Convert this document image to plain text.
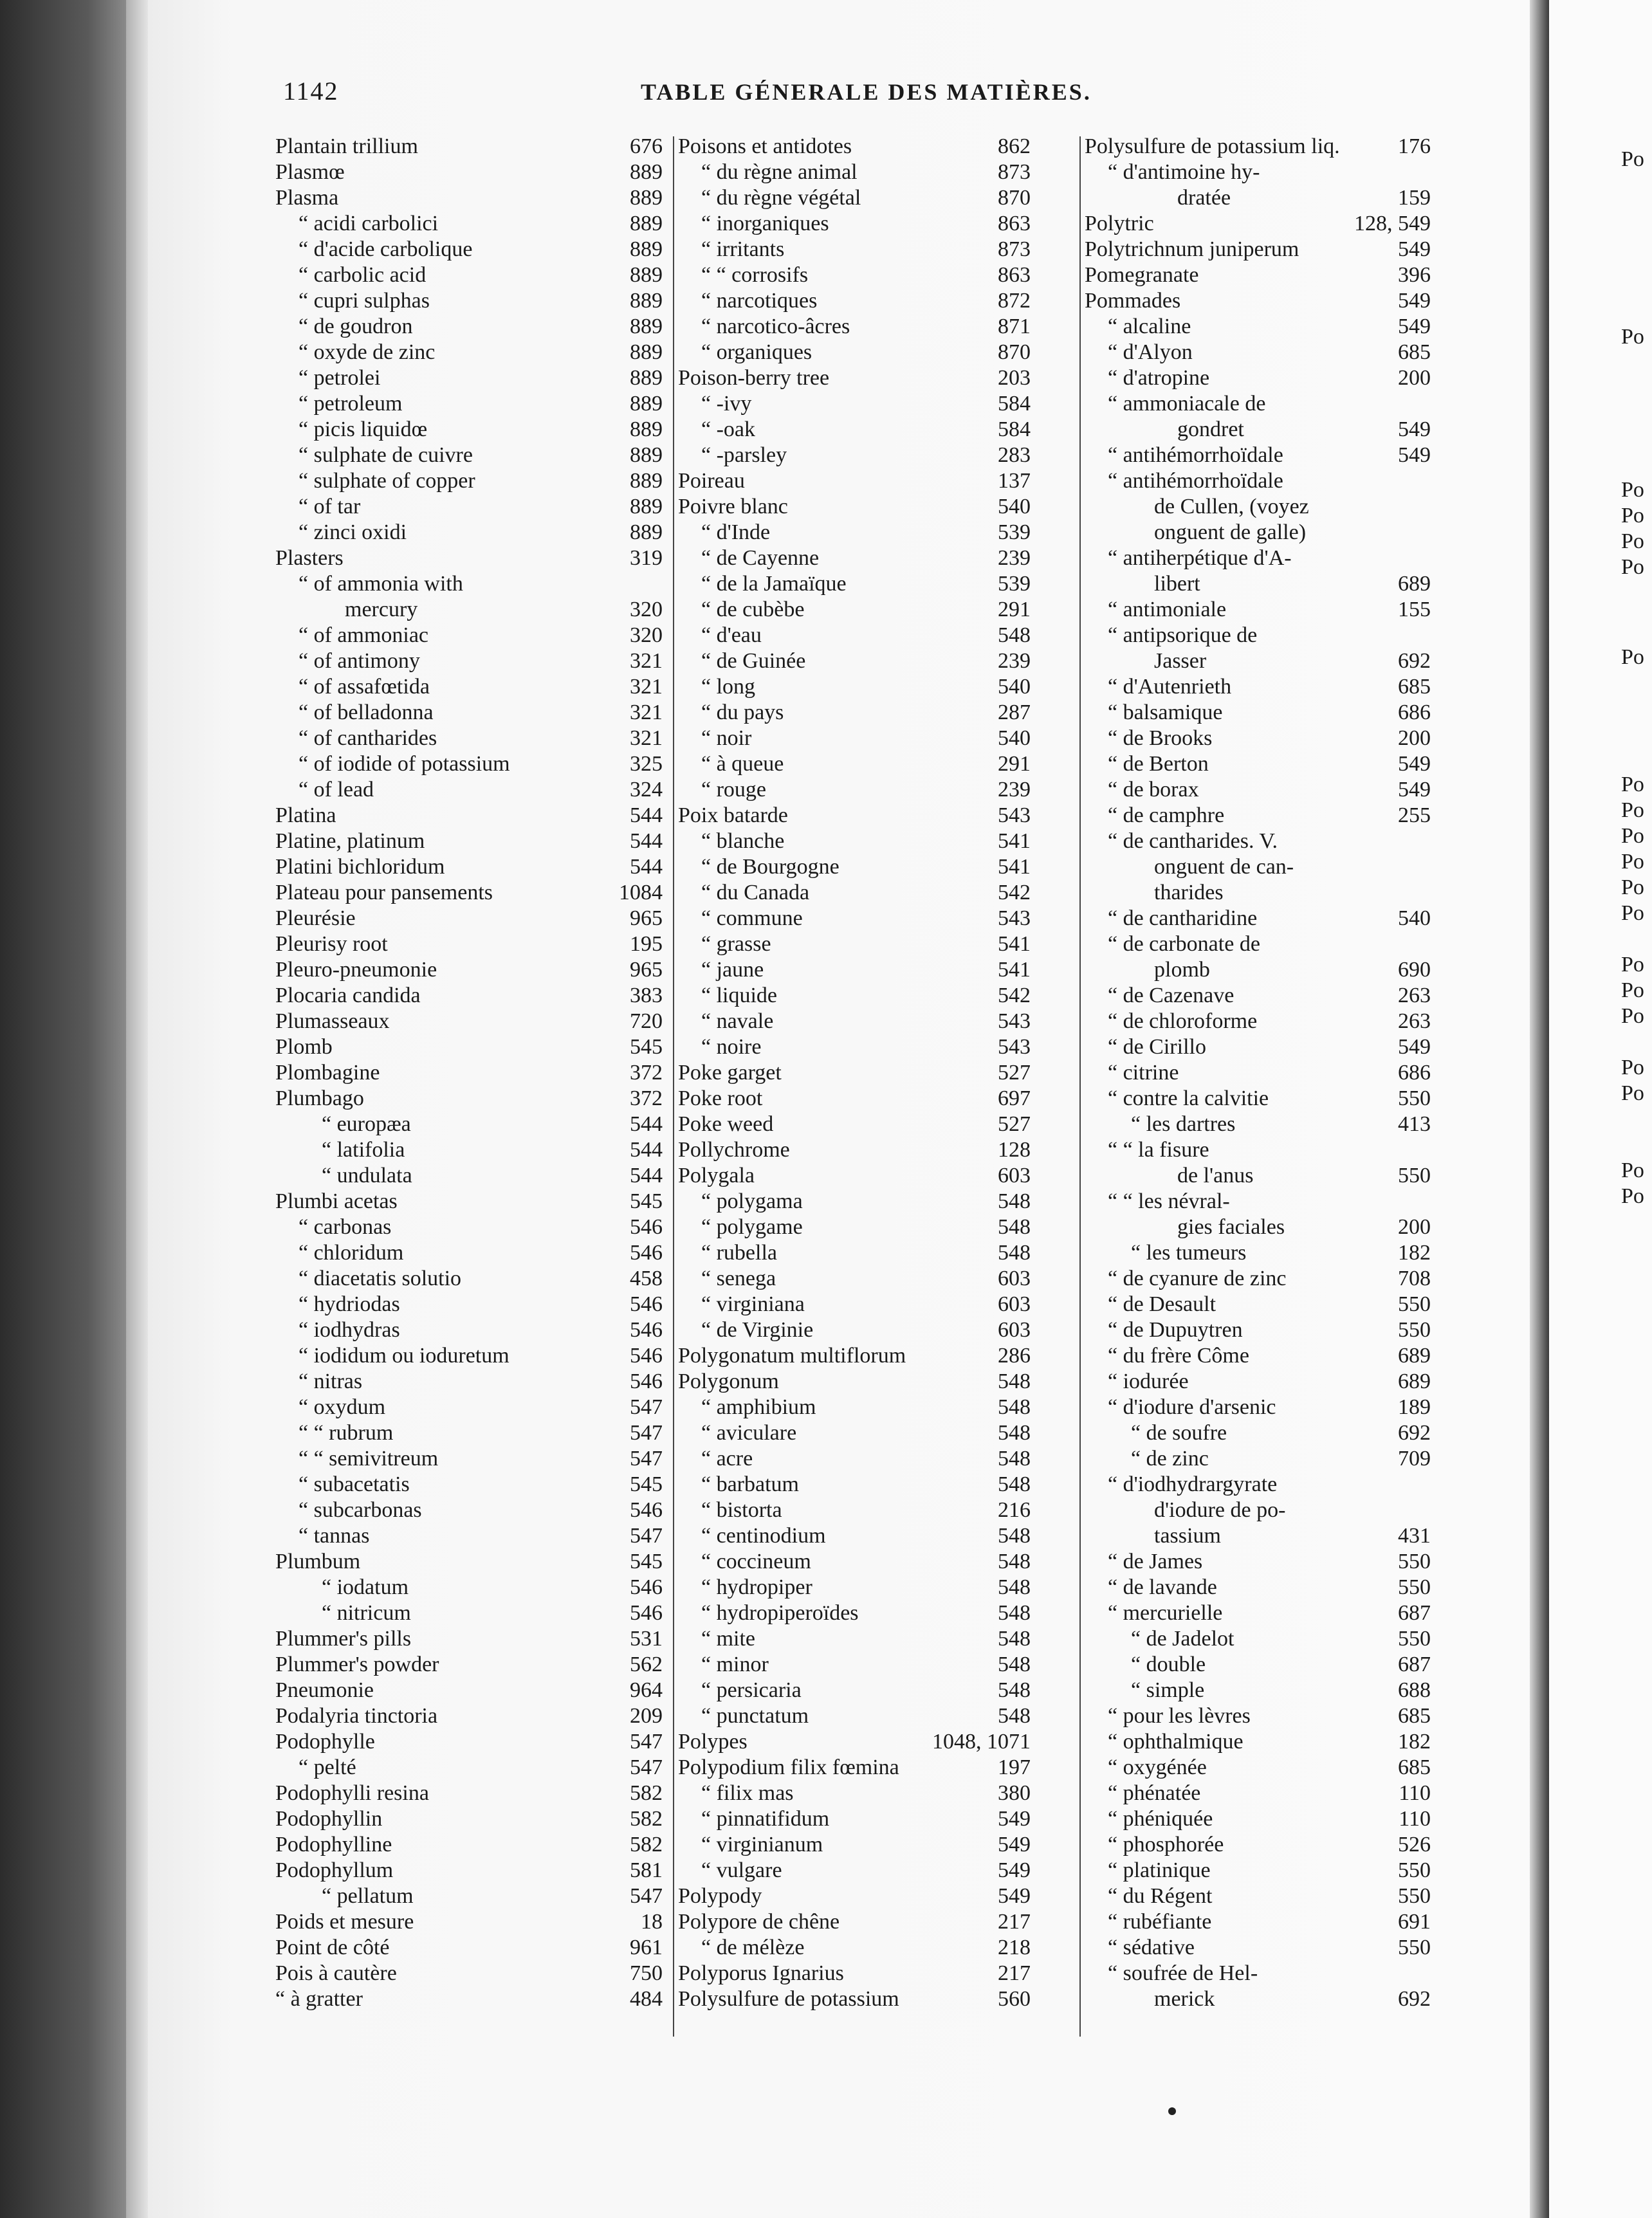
1142	TABLE GÉNERALE DES MATIÈRES.
Plantain trillium	676
Plasmœ	889
Plasma	889
“ acidi carbolici	889
“ d'acide carbolique	889
“ carbolic acid	889
“ cupri sulphas	889
“ de goudron	889
“ oxyde de zinc	889
“ petrolei	889
“ petroleum	889
“ picis liquidœ	889
“ sulphate de cuivre	889
“ sulphate of copper	889
“ of tar	889
“ zinci oxidi	889
Plasters	319
“ of ammonia with
mercury	320
“ of ammoniac	320
“ of antimony	321
“ of assafœtida	321
“ of belladonna	321
“ of cantharides	321
“ of iodide of potassium	325
“ of lead	324
Platina	544
Platine, platinum	544
Platini bichloridum	544
Plateau pour pansements	1084
Pleurésie	965
Pleurisy root	195
Pleuro-pneumonie	965
Plocaria candida	383
Plumasseaux	720
Plomb	545
Plombagine	372
Plumbago	372
“ europæa	544
“ latifolia	544
“ undulata	544
Plumbi acetas	545
“ carbonas	546
“ chloridum	546
“ diacetatis solutio	458
“ hydriodas	546
“ iodhydras	546
“ iodidum ou ioduretum	546
“ nitras	546
“ oxydum	547
“ “ rubrum	547
“ “ semivitreum	547
“ subacetatis	545
“ subcarbonas	546
“ tannas	547
Plumbum	545
“ iodatum	546
“ nitricum	546
Plummer's pills	531
Plummer's powder	562
Pneumonie	964
Podalyria tinctoria	209
Podophylle	547
“ pelté	547
Podophylli resina	582
Podophyllin	582
Podophylline	582
Podophyllum	581
“ pellatum	547
Poids et mesure	18
Point de côté	961
Pois à cautère	750
“ à gratter	484
Poisons et antidotes	862
“ du règne animal	873
“ du règne végétal	870
“ inorganiques	863
“ irritants	873
“ “ corrosifs	863
“ narcotiques	872
“ narcotico-âcres	871
“ organiques	870
Poison-berry tree	203
“ -ivy	584
“ -oak	584
“ -parsley	283
Poireau	137
Poivre blanc	540
“ d'Inde	539
“ de Cayenne	239
“ de la Jamaïque	539
“ de cubèbe	291
“ d'eau	548
“ de Guinée	239
“ long	540
“ du pays	287
“ noir	540
“ à queue	291
“ rouge	239
Poix batarde	543
“ blanche	541
“ de Bourgogne	541
“ du Canada	542
“ commune	543
“ grasse	541
“ jaune	541
“ liquide	542
“ navale	543
“ noire	543
Poke garget	527
Poke root	697
Poke weed	527
Pollychrome	128
Polygala	603
“ polygama	548
“ polygame	548
“ rubella	548
“ senega	603
“ virginiana	603
“ de Virginie	603
Polygonatum multiflorum	286
Polygonum	548
“ amphibium	548
“ aviculare	548
“ acre	548
“ barbatum	548
“ bistorta	216
“ centinodium	548
“ coccineum	548
“ hydropiper	548
“ hydropiperoïdes	548
“ mite	548
“ minor	548
“ persicaria	548
“ punctatum	548
Polypes	1048, 1071
Polypodium filix fœmina	197
“ filix mas	380
“ pinnatifidum	549
“ virginianum	549
“ vulgare	549
Polypody	549
Polypore de chêne	217
“ de mélèze	218
Polyporus Ignarius	217
Polysulfure de potassium	560
Polysulfure de potassium liq.	176
“ d'antimoine hy-
dratée	159
Polytric	128, 549
Polytrichnum juniperum	549
Pomegranate	396
Pommades	549
“ alcaline	549
“ d'Alyon	685
“ d'atropine	200
“ ammoniacale de
gondret	549
“ antihémorrhoïdale	549
“ antihémorrhoïdale
de Cullen, (voyez
onguent de galle)
“ antiherpétique d'A-
libert	689
“ antimoniale	155
“ antipsorique de
Jasser	692
“ d'Autenrieth	685
“ balsamique	686
“ de Brooks	200
“ de Berton	549
“ de borax	549
“ de camphre	255
“ de cantharides. V.
onguent de can-
tharides
“ de cantharidine	540
“ de carbonate de
plomb	690
“ de Cazenave	263
“ de chloroforme	263
“ de Cirillo	549
“ citrine	686
“ contre la calvitie	550
“ les dartres	413
“ “ la fisure
de l'anus	550
“ “ les névral-
gies faciales	200
“ les tumeurs	182
“ de cyanure de zinc	708
“ de Desault	550
“ de Dupuytren	550
“ du frère Côme	689
“ iodurée	689
“ d'iodure d'arsenic	189
“ de soufre	692
“ de zinc	709
“ d'iodhydrargyrate
d'iodure de po-
tassium	431
“ de James	550
“ de lavande	550
“ mercurielle	687
“ de Jadelot	550
“ double	687
“ simple	688
“ pour les lèvres	685
“ ophthalmique	182
“ oxygénée	685
“ phénatée	110
“ phéniquée	110
“ phosphorée	526
“ platinique	550
“ du Régent	550
“ rubéfiante	691
“ sédative	550
“ soufrée de Hel-
merick	692
Po
Po
Po
Po
Po
Po
Po
Po
Po
Po
Po
Po
Po
Po
Po
Po
Po
Po
Po
Po
